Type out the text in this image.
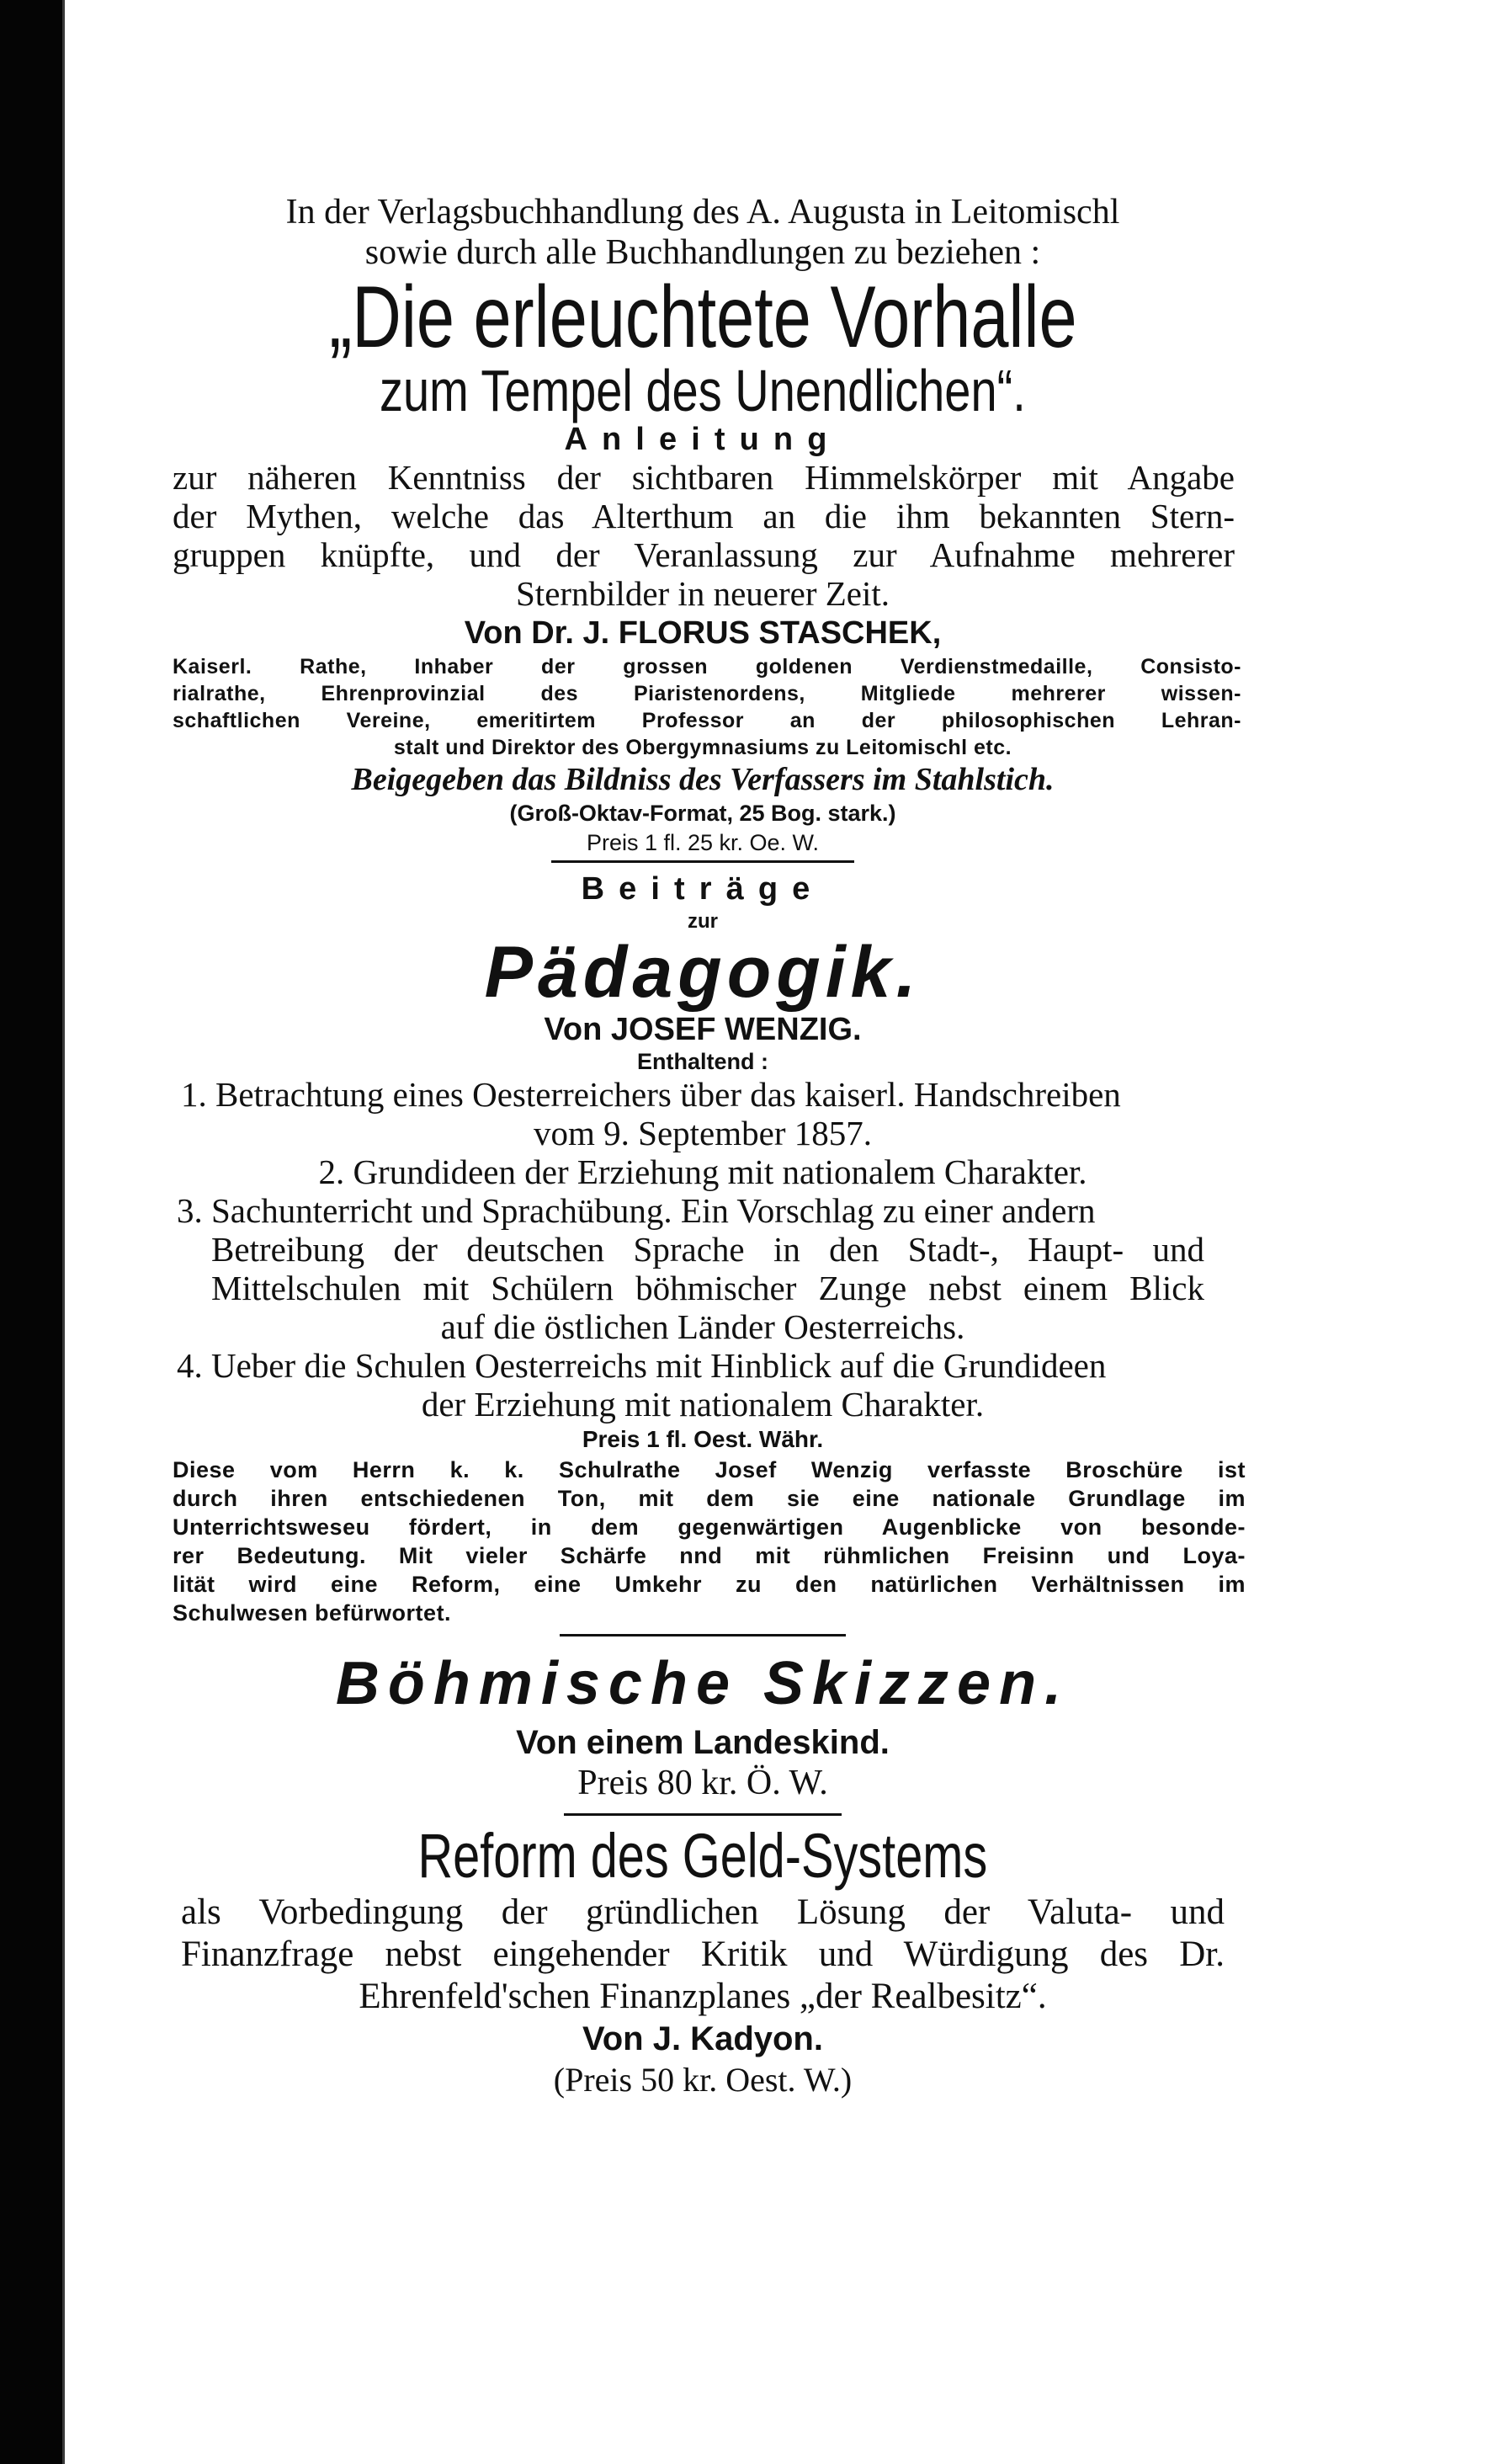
In der Verlagsbuchhandlung des A. Augusta in Leitomischl
sowie durch alle Buchhandlungen zu beziehen :
„Die erleuchtete Vorhalle
zum Tempel des Unendlichen“.
Anleitung
zur näheren Kenntniss der sichtbaren Himmelskörper mit Angabe
der Mythen, welche das Alterthum an die ihm bekannten Stern-
gruppen knüpfte, und der Veranlassung zur Aufnahme mehrerer
Sternbilder in neuerer Zeit.
Von Dr. J. FLORUS STASCHEK,
Kaiserl. Rathe, Inhaber der grossen goldenen Verdienstmedaille, Consisto-
rialrathe, Ehrenprovinzial des Piaristenordens, Mitgliede mehrerer wissen-
schaftlichen Vereine, emeritirtem Professor an der philosophischen Lehran-
stalt und Direktor des Obergymnasiums zu Leitomischl etc.
Beigegeben das Bildniss des Verfassers im Stahlstich.
(Groß-Oktav-Format, 25 Bog. stark.)
Preis 1 fl. 25 kr. Oe. W.
Beiträge
zur
Pädagogik.
Von JOSEF WENZIG.
Enthaltend :
1. Betrachtung eines Oesterreichers über das kaiserl. Handschreiben
vom 9. September 1857.
2. Grundideen der Erziehung mit nationalem Charakter.
3. Sachunterricht und Sprachübung. Ein Vorschlag zu einer andern
Betreibung der deutschen Sprache in den Stadt-, Haupt- und
Mittelschulen mit Schülern böhmischer Zunge nebst einem Blick
auf die östlichen Länder Oesterreichs.
4. Ueber die Schulen Oesterreichs mit Hinblick auf die Grundideen
der Erziehung mit nationalem Charakter.
Preis 1 fl. Oest. Währ.
Diese vom Herrn k. k. Schulrathe Josef Wenzig verfasste Broschüre ist
durch ihren entschiedenen Ton, mit dem sie eine nationale Grundlage im
Unterrichtsweseu fördert, in dem gegenwärtigen Augenblicke von besonde-
rer Bedeutung. Mit vieler Schärfe nnd mit rühmlichen Freisinn und Loya-
lität wird eine Reform, eine Umkehr zu den natürlichen Verhältnissen im
Schulwesen befürwortet.
Böhmische Skizzen.
Von einem Landeskind.
Preis 80 kr. Ö. W.
Reform des Geld-Systems
als Vorbedingung der gründlichen Lösung der Valuta- und
Finanzfrage nebst eingehender Kritik und Würdigung des Dr.
Ehrenfeld'schen Finanzplanes „der Realbesitz“.
Von J. Kadyon.
(Preis 50 kr. Oest. W.)
